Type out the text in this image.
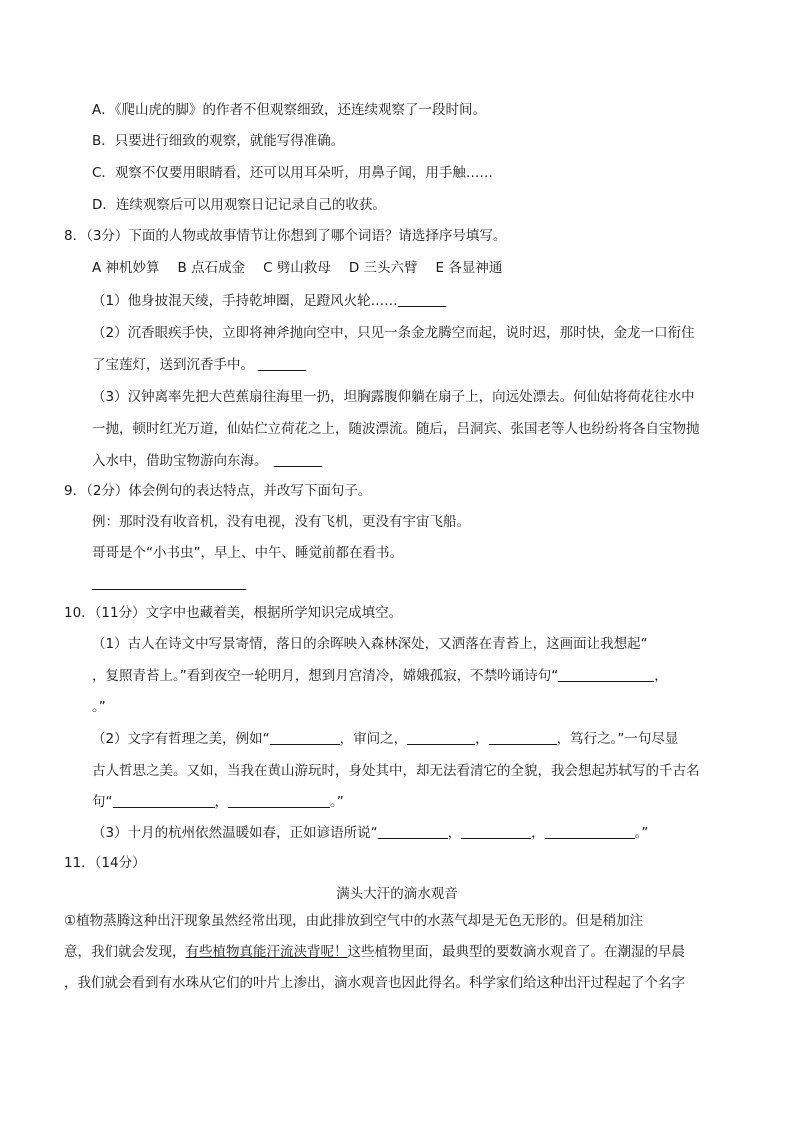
A．《爬山虎的脚》的作者不但观察细致，还连续观察了一段时间。
B．只要进行细致的观察，就能写得准确。
C．观察不仅要用眼睛看，还可以用耳朵听，用鼻子闻，用手触……
D．连续观察后可以用观察日记记录自己的收获。
8．（3分）下面的人物或故事情节让你想到了哪个词语？请选择序号填写。
A 神机妙算 B 点石成金 C 劈山救母 D 三头六臂 E 各显神通
（1）他身披混天绫，手持乾坤圈，足蹬风火轮……
（2）沉香眼疾手快，立即将神斧抛向空中，只见一条金龙腾空而起，说时迟，那时快，金龙一口衔住
了宝莲灯，送到沉香手中。
（3）汉钟离率先把大芭蕉扇往海里一扔，坦胸露腹仰躺在扇子上，向远处漂去。何仙姑将荷花往水中
一抛，顿时红光万道，仙姑伫立荷花之上，随波漂流。随后，吕洞宾、张国老等人也纷纷将各自宝物抛
入水中，借助宝物游向东海。
9．（2分）体会例句的表达特点，并改写下面句子。
例：那时没有收音机，没有电视，没有飞机，更没有宇宙飞船。
哥哥是个“小书虫”，早上、中午、睡觉前都在看书。
10．（11分）文字中也藏着美，根据所学知识完成填空。
（1）古人在诗文中写景寄情，落日的余晖映入森林深处，又洒落在青苔上，这画面让我想起“
，复照青苔上。”看到夜空一轮明月，想到月宫清冷，嫦娥孤寂，不禁吟诵诗句“	，
。”
（2）文字有哲理之美，例如“	，审问之，	，	，笃行之。”一句尽显
古人哲思之美。又如，当我在黄山游玩时，身处其中，却无法看清它的全貌，我会想起苏轼写的千古名
句“	，	。”
（3）十月的杭州依然温暖如春，正如谚语所说“	，	，	。”
11．（14分）
满头大汗的滴水观音
①植物蒸腾这种出汗现象虽然经常出现，由此排放到空气中的水蒸气却是无色无形的。但是稍加注
意，我们就会发现，有些植物真能汗流浃背呢！这些植物里面，最典型的要数滴水观音了。在潮湿的早晨
，我们就会看到有水珠从它们的叶片上渗出，滴水观音也因此得名。科学家们给这种出汗过程起了个名字
